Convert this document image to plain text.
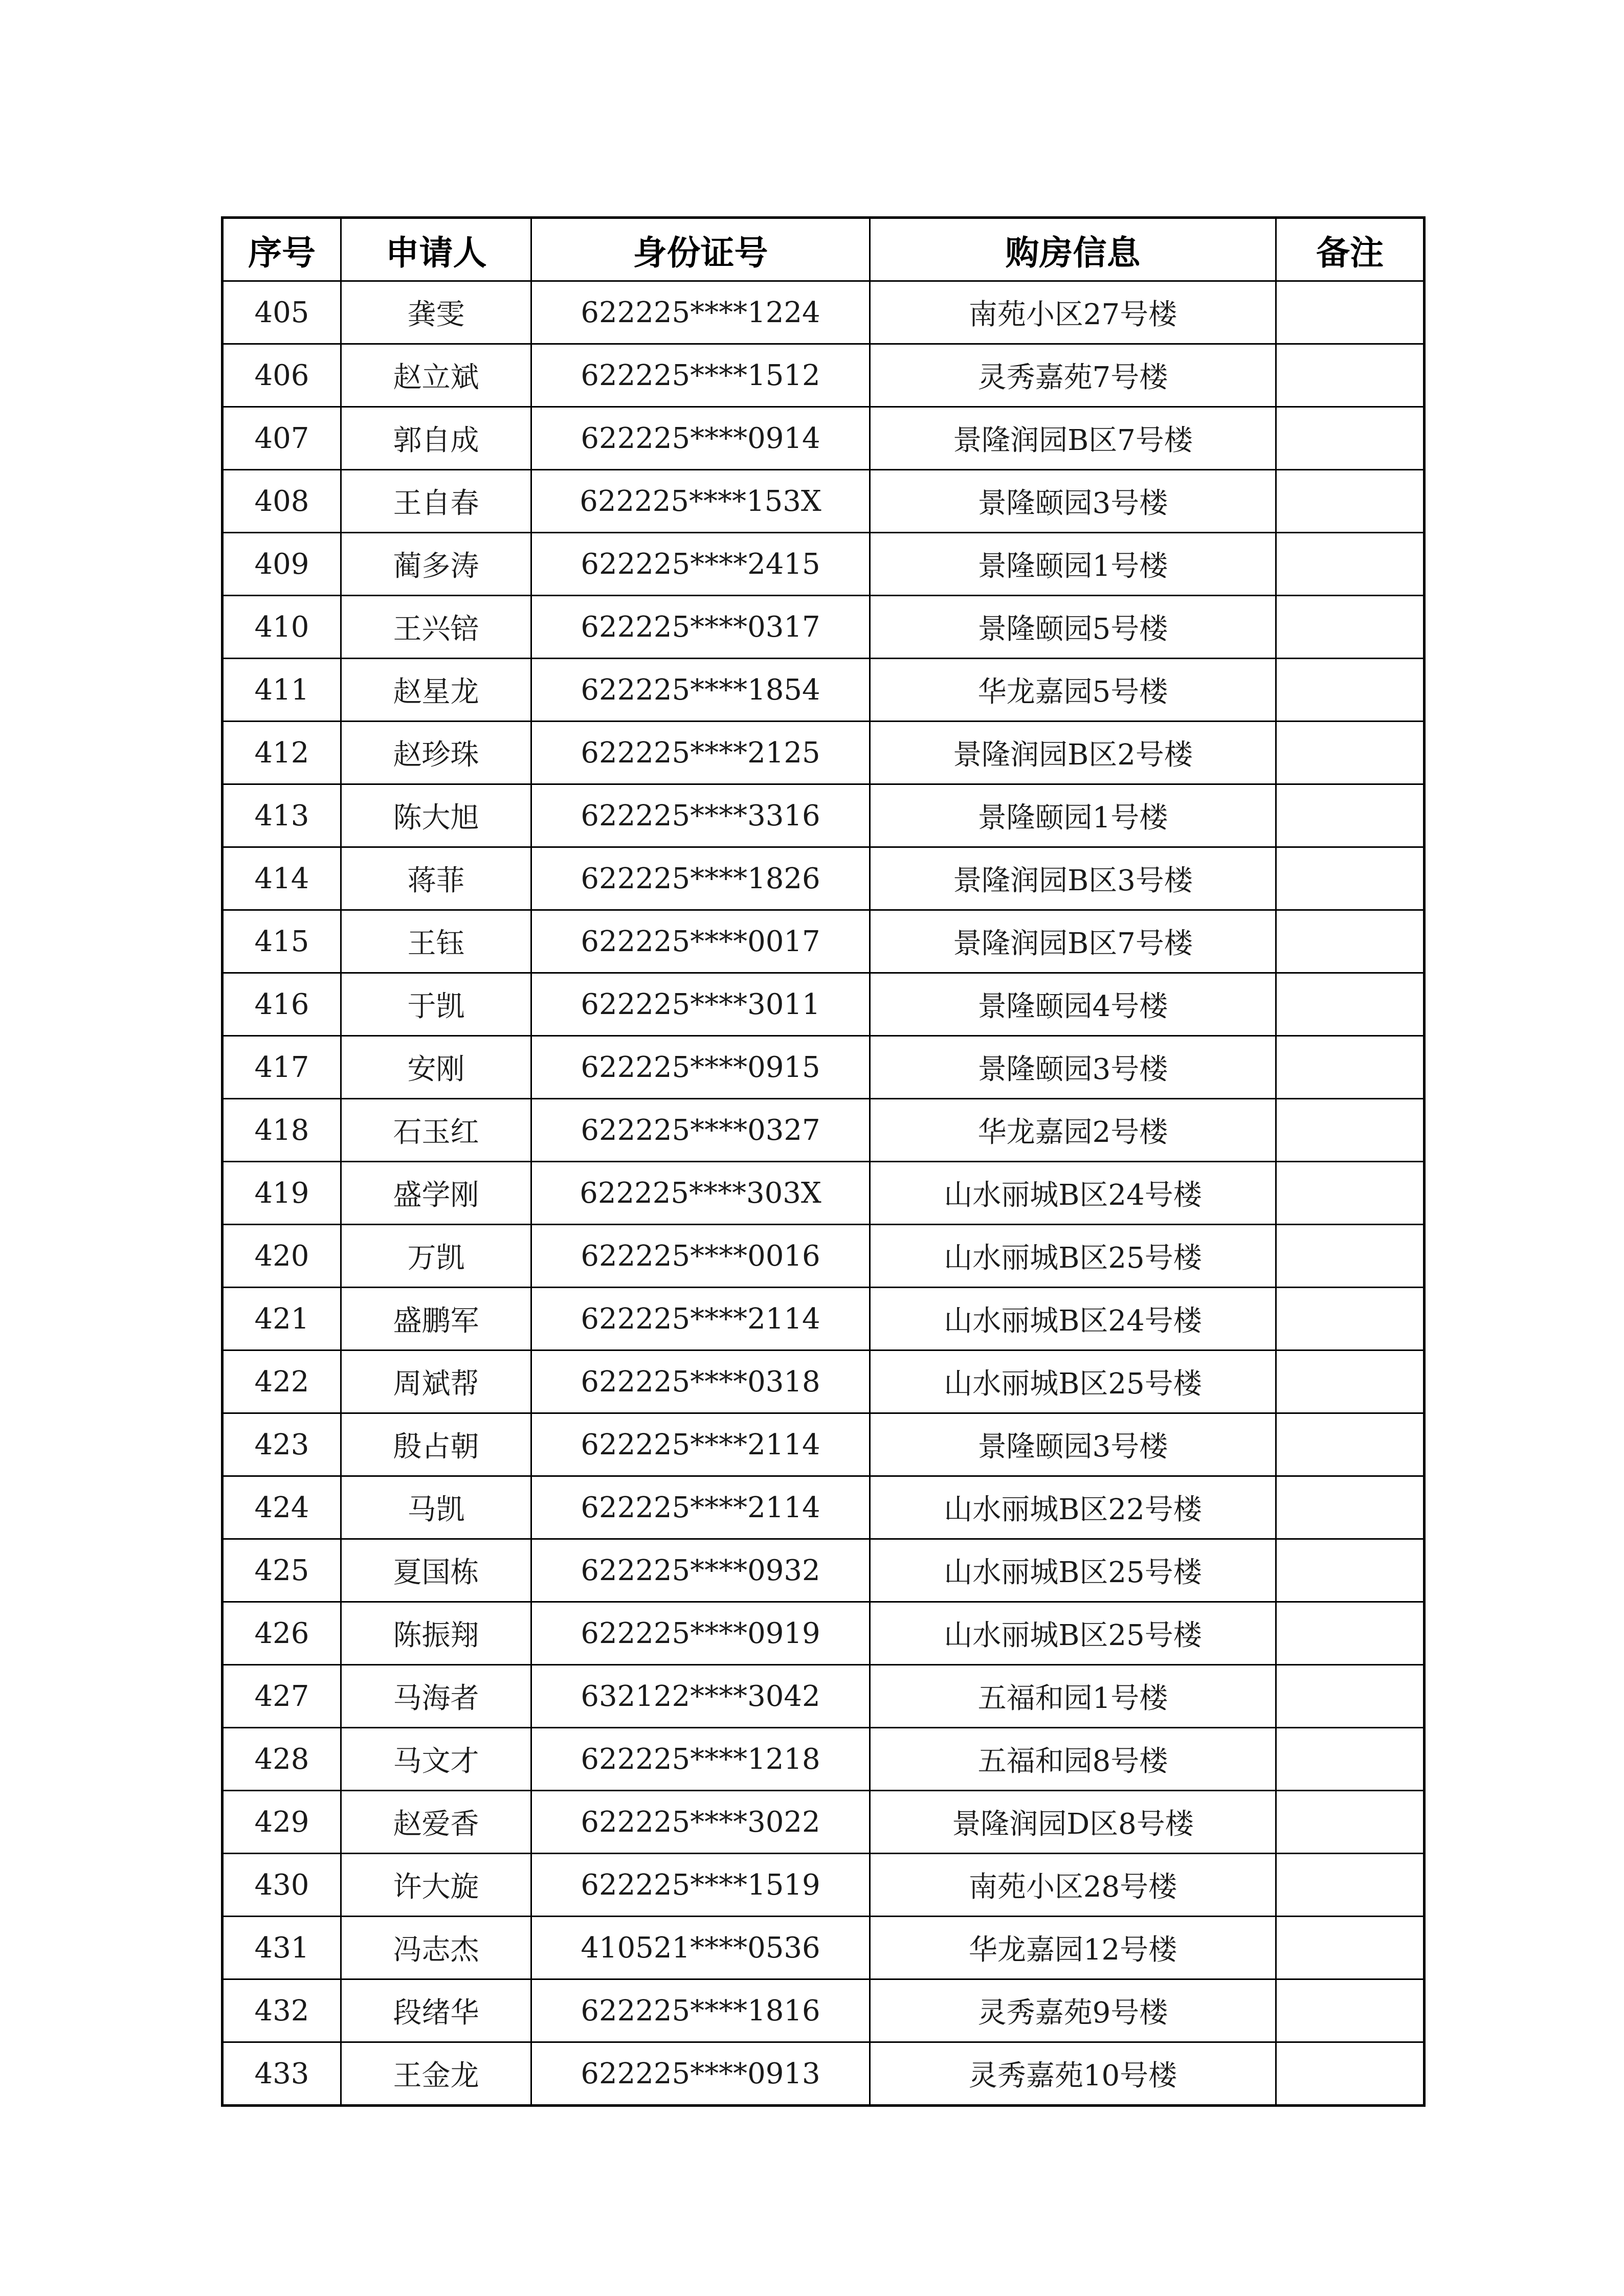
序号	申请人	身份证号	购房信息	备注
405	龚雯	622225****1224	南苑小区27号楼	
406	赵立斌	622225****1512	灵秀嘉苑7号楼	
407	郭自成	622225****0914	景隆润园B区7号楼	
408	王自春	622225****153X	景隆颐园3号楼	
409	蔺多涛	622225****2415	景隆颐园1号楼	
410	王兴锫	622225****0317	景隆颐园5号楼	
411	赵星龙	622225****1854	华龙嘉园5号楼	
412	赵珍珠	622225****2125	景隆润园B区2号楼	
413	陈大旭	622225****3316	景隆颐园1号楼	
414	蒋菲	622225****1826	景隆润园B区3号楼	
415	王钰	622225****0017	景隆润园B区7号楼	
416	于凯	622225****3011	景隆颐园4号楼	
417	安刚	622225****0915	景隆颐园3号楼	
418	石玉红	622225****0327	华龙嘉园2号楼	
419	盛学刚	622225****303X	山水丽城B区24号楼	
420	万凯	622225****0016	山水丽城B区25号楼	
421	盛鹏军	622225****2114	山水丽城B区24号楼	
422	周斌帮	622225****0318	山水丽城B区25号楼	
423	殷占朝	622225****2114	景隆颐园3号楼	
424	马凯	622225****2114	山水丽城B区22号楼	
425	夏国栋	622225****0932	山水丽城B区25号楼	
426	陈振翔	622225****0919	山水丽城B区25号楼	
427	马海者	632122****3042	五福和园1号楼	
428	马文才	622225****1218	五福和园8号楼	
429	赵爱香	622225****3022	景隆润园D区8号楼	
430	许大旋	622225****1519	南苑小区28号楼	
431	冯志杰	410521****0536	华龙嘉园12号楼	
432	段绪华	622225****1816	灵秀嘉苑9号楼	
433	王金龙	622225****0913	灵秀嘉苑10号楼	
